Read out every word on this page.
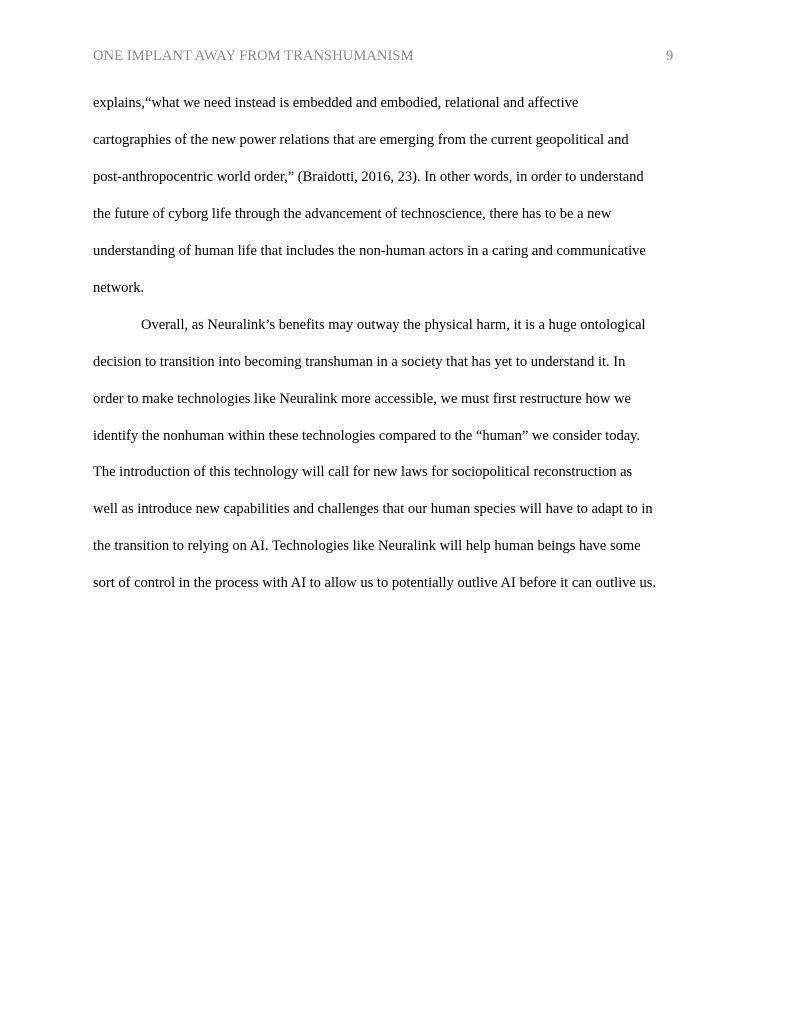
ONE IMPLANT AWAY FROM TRANSHUMANISM	9
explains,“what we need instead is embedded and embodied, relational and affective
cartographies of the new power relations that are emerging from the current geopolitical and
post-anthropocentric world order,” (Braidotti, 2016, 23). In other words, in order to understand
the future of cyborg life through the advancement of technoscience, there has to be a new
understanding of human life that includes the non-human actors in a caring and communicative
network.
Overall, as Neuralink’s benefits may outway the physical harm, it is a huge ontological
decision to transition into becoming transhuman in a society that has yet to understand it. In
order to make technologies like Neuralink more accessible, we must first restructure how we
identify the nonhuman within these technologies compared to the “human” we consider today.
The introduction of this technology will call for new laws for sociopolitical reconstruction as
well as introduce new capabilities and challenges that our human species will have to adapt to in
the transition to relying on AI. Technologies like Neuralink will help human beings have some
sort of control in the process with AI to allow us to potentially outlive AI before it can outlive us.
